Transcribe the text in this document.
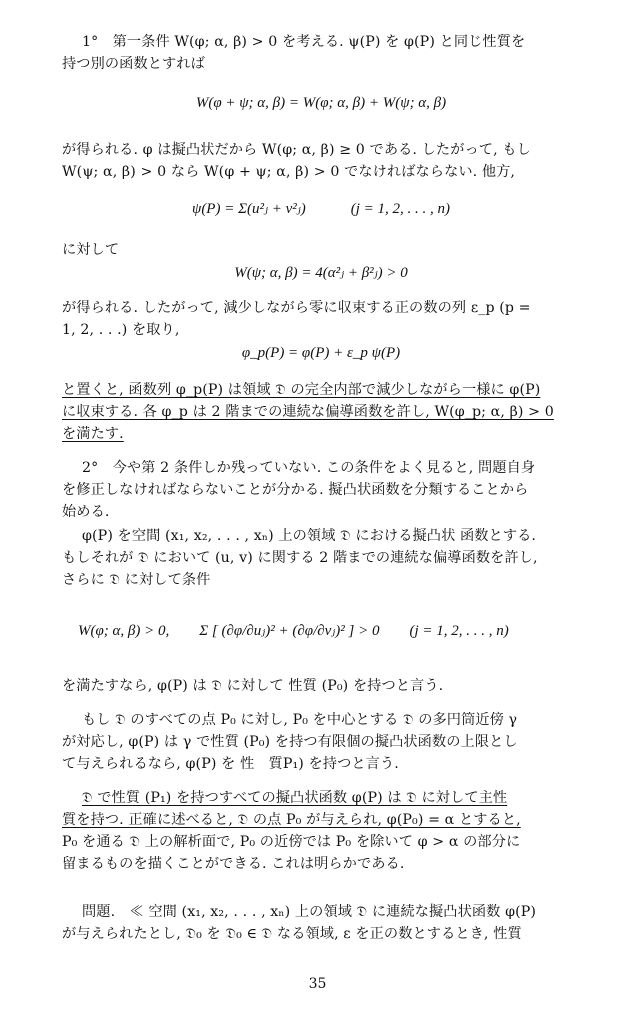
1°　第一条件 W(φ; α, β) > 0 を考える. ψ(P) を φ(P) と同じ性質を
持つ別の函数とすれば
が得られる. φ は擬凸状だから W(φ; α, β) ≥ 0 である. したがって, もし
W(ψ; α, β) > 0 なら W(φ + ψ; α, β) > 0 でなければならない. 他方,
に対して
が得られる. したがって, 減少しながら零に収束する正の数の列 ε_p (p =
1, 2, . . .) を取り,
と置くと, 函数列 φ_p(P) は領域 𝔇 の完全内部で減少しながら一様に φ(P)
に収束する. 各 φ_p は 2 階までの連続な偏導函数を許し, W(φ_p; α, β) > 0
を満たす.
2°　今や第 2 条件しか残っていない. この条件をよく見ると, 問題自身
を修正しなければならないことが分かる. 擬凸状函数を分類することから
始める.
φ(P) を空間 (x₁, x₂, . . . , xₙ) 上の領域 𝔇 における擬凸状 函数とする.
もしそれが 𝔇 において (u, v) に関する 2 階までの連続な偏導函数を許し,
さらに 𝔇 に対して条件
を満たすなら, φ(P) は 𝔇 に対して 性質 (P₀) を持つと言う.
もし 𝔇 のすべての点 P₀ に対し, P₀ を中心とする 𝔇 の多円筒近傍 γ
が対応し, φ(P) は γ で性質 (P₀) を持つ有限個の擬凸状函数の上限とし
て与えられるなら, φ(P) を 性　質P₁) を持つと言う.
𝔇 で性質 (P₁) を持つすべての擬凸状函数 φ(P) は 𝔇 に対して主性
質を持つ. 正確に述べると, 𝔇 の点 P₀ が与えられ, φ(P₀) = α とすると,
P₀ を通る 𝔇 上の解析面で, P₀ の近傍では P₀ を除いて φ > α の部分に
留まるものを描くことができる. これは明らかである.
問題.　≪ 空間 (x₁, x₂, . . . , xₙ) 上の領域 𝔇 に連続な擬凸状函数 φ(P)
が与えられたとし, 𝔇₀ を 𝔇₀ ∈ 𝔇 なる領域, ε を正の数とするとき, 性質
W(φ + ψ; α, β) = W(φ; α, β) + W(ψ; α, β)
ψ(P) = Σ(u²ⱼ + v²ⱼ)　　　(j = 1, 2, . . . , n)
W(ψ; α, β) = 4(α²ⱼ + β²ⱼ) > 0
φ_p(P) = φ(P) + ε_p ψ(P)
W(φ; α, β) > 0,　　Σ [ (∂φ/∂uⱼ)² + (∂φ/∂vⱼ)² ] > 0　　(j = 1, 2, . . . , n)
35
